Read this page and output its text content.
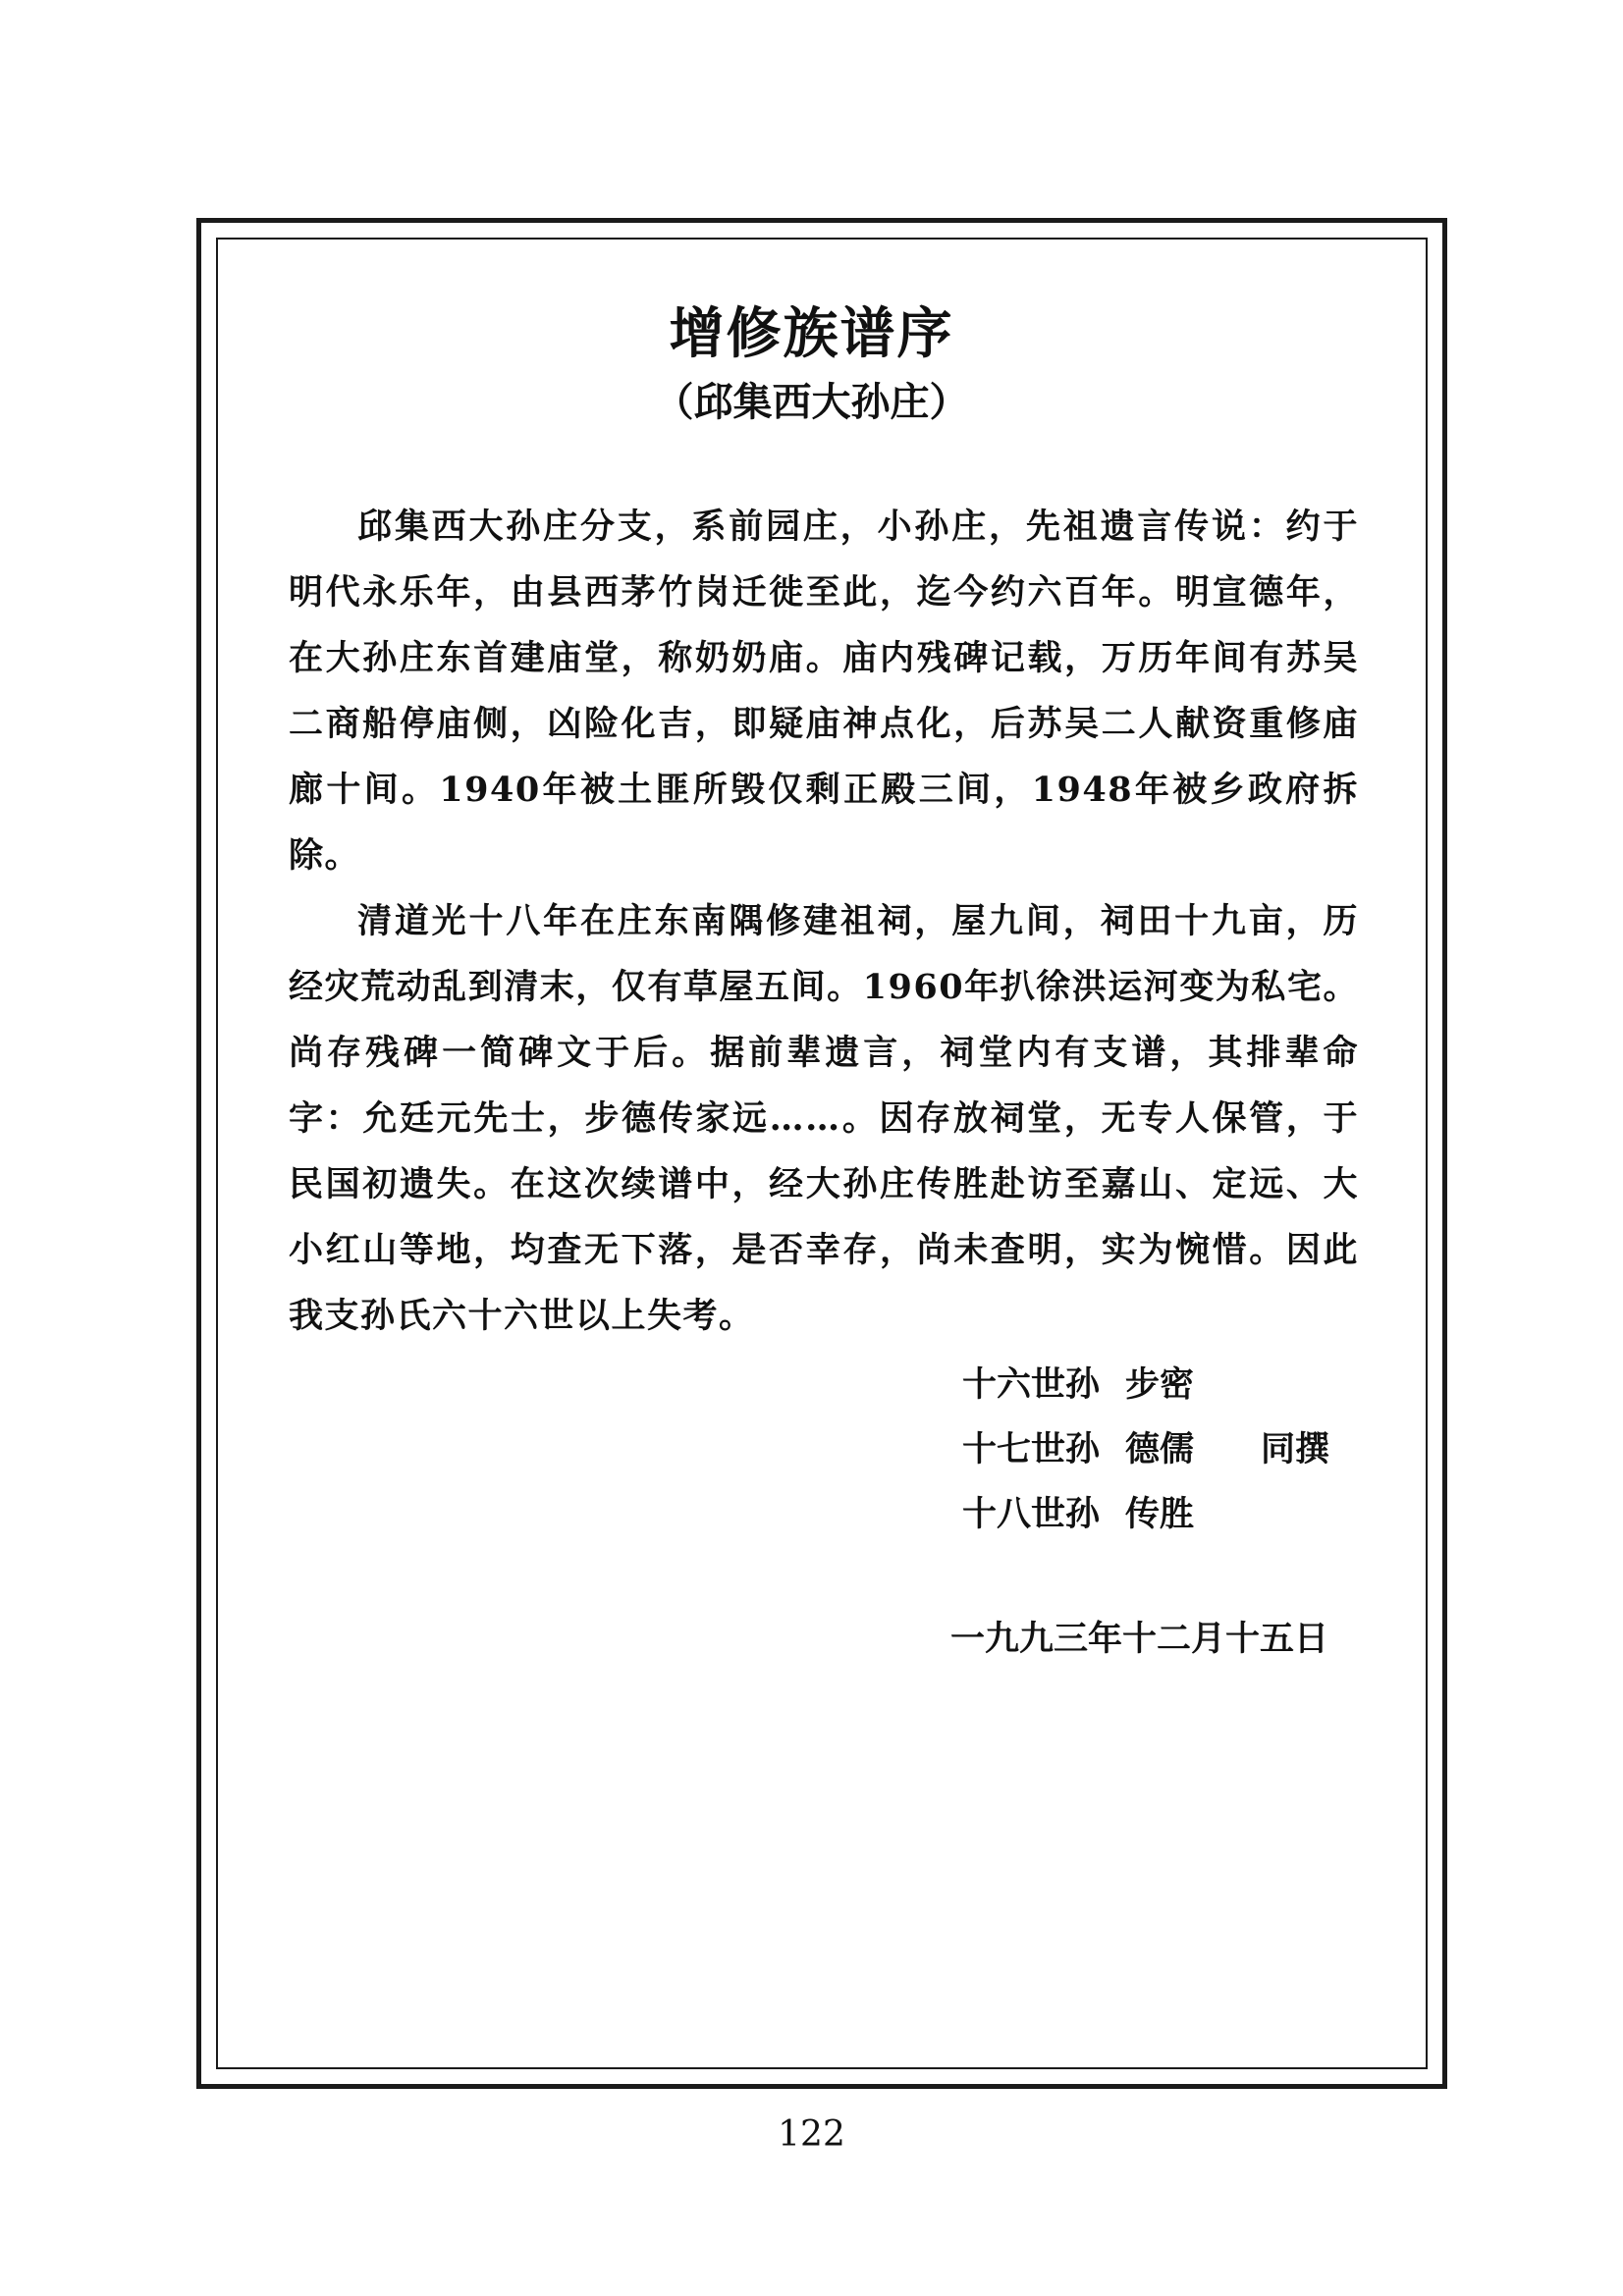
增修族谱序
（邱集西大孙庄）

邱集西大孙庄分支，系前园庄，小孙庄，先祖遗言传说：约于明代永乐年，由县西茅竹岗迁徙至此，迄今约六百年。明宣德年，在大孙庄东首建庙堂，称奶奶庙。庙内残碑记载，万历年间有苏吴二商船停庙侧，凶险化吉，即疑庙神点化，后苏吴二人献资重修庙廊十间。1940年被土匪所毁仅剩正殿三间，1948年被乡政府拆除。

清道光十八年在庄东南隅修建祖祠，屋九间，祠田十九亩，历经灾荒动乱到清末，仅有草屋五间。1960年扒徐洪运河变为私宅。尚存残碑一简碑文于后。据前辈遗言，祠堂内有支谱，其排辈命字：允廷元先士，步德传家远……。因存放祠堂，无专人保管，于民国初遗失。在这次续谱中，经大孙庄传胜赴访至嘉山、定远、大小红山等地，均查无下落，是否幸存，尚未查明，实为惋惜。因此我支孙氏六十六世以上失考。

十六世孙 步密
十七世孙 德儒 同撰
十八世孙 传胜
一九九三年十二月十五日
122
